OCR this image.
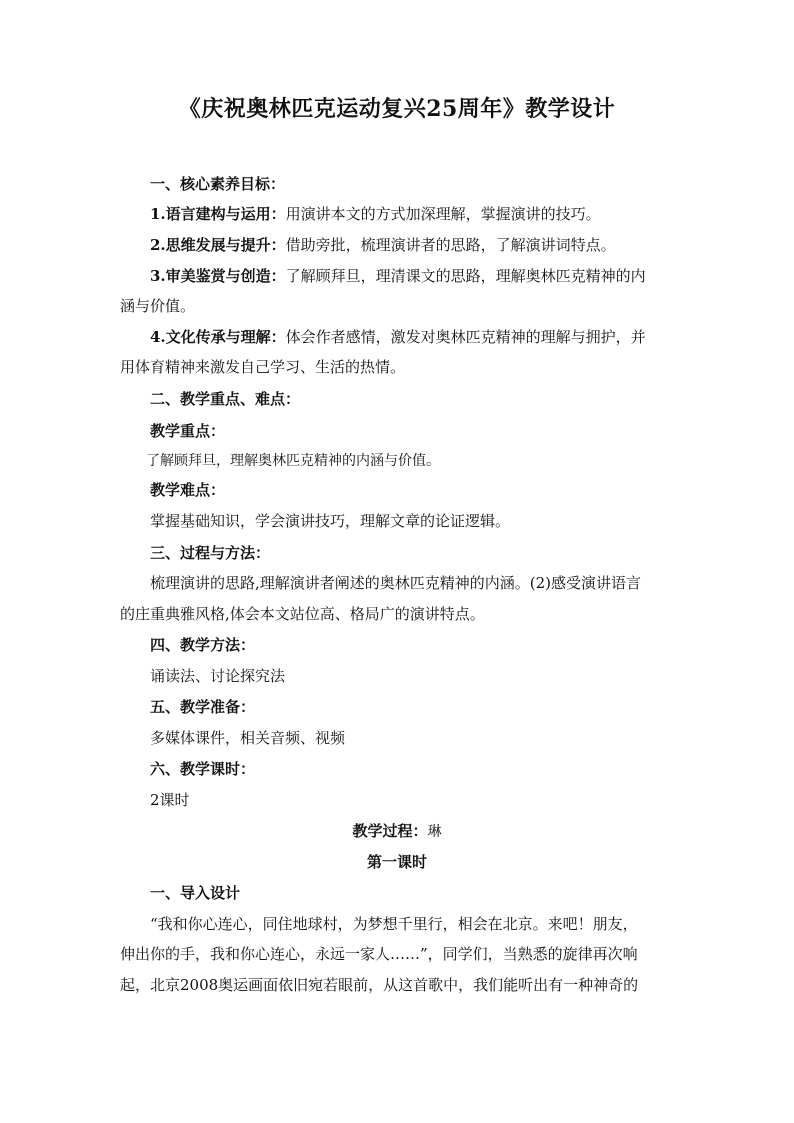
《庆祝奥林匹克运动复兴25周年》教学设计
一、核心素养目标：
1.语言建构与运用：用演讲本文的方式加深理解，掌握演讲的技巧。
2.思维发展与提升：借助旁批，梳理演讲者的思路，了解演讲词特点。
3.审美鉴赏与创造：了解顾拜旦，理清课文的思路，理解奥林匹克精神的内
涵与价值。
4.文化传承与理解：体会作者感情，激发对奥林匹克精神的理解与拥护，并
用体育精神来激发自己学习、生活的热情。
二、教学重点、难点：
教学重点：
了解顾拜旦，理解奥林匹克精神的内涵与价值。
教学难点：
掌握基础知识，学会演讲技巧，理解文章的论证逻辑。
三、过程与方法：
梳理演讲的思路,理解演讲者阐述的奥林匹克精神的内涵。(2)感受演讲语言
的庄重典雅风格,体会本文站位高、格局广的演讲特点。
四、教学方法：
诵读法、讨论探究法
五、教学准备：
多媒体课件，相关音频、视频
六、教学课时：
2课时
教学过程：琳
第一课时
一、导入设计
“我和你心连心，同住地球村，为梦想千里行，相会在北京。来吧！朋友，
伸出你的手，我和你心连心，永远一家人……”，同学们，当熟悉的旋律再次响
起，北京2008奥运画面依旧宛若眼前，从这首歌中，我们能听出有一种神奇的
